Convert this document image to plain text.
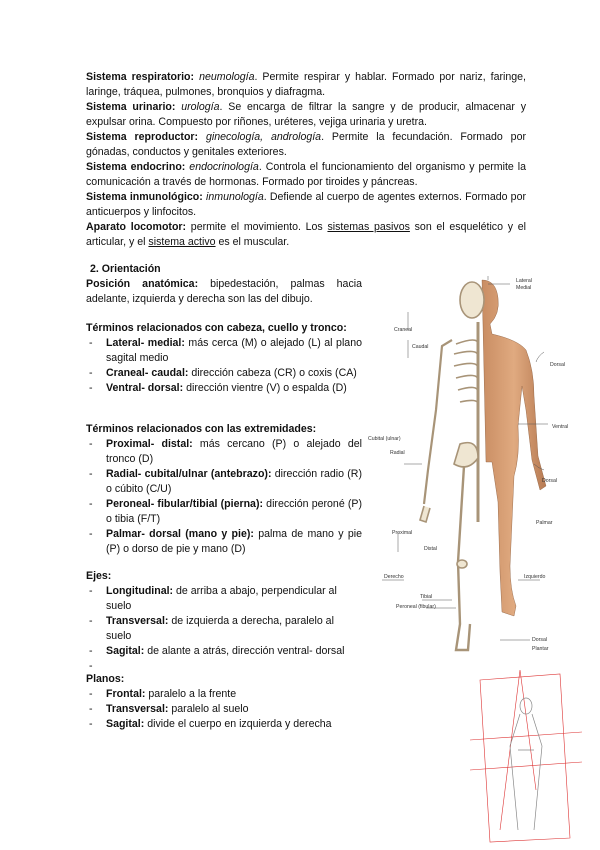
Sistema respiratorio: neumología. Permite respirar y hablar. Formado por nariz, faringe, laringe, tráquea, pulmones, bronquios y diafragma.
Sistema urinario: urología. Se encarga de filtrar la sangre y de producir, almacenar y expulsar orina. Compuesto por riñones, uréteres, vejiga urinaria y uretra.
Sistema reproductor: ginecología, andrología. Permite la fecundación. Formado por gónadas, conductos y genitales exteriores.
Sistema endocrino: endocrinología. Controla el funcionamiento del organismo y permite la comunicación a través de hormonas. Formado por tiroides y páncreas.
Sistema inmunológico: inmunología. Defiende al cuerpo de agentes externos. Formado por anticuerpos y linfocitos.
Aparato locomotor: permite el movimiento. Los sistemas pasivos son el esquelético y el articular, y el sistema activo es el muscular.
2. Orientación
Posición anatómica: bipedestación, palmas hacia adelante, izquierda y derecha son las del dibujo.
Términos relacionados con cabeza, cuello y tronco:
- Lateral- medial: más cerca (M) o alejado (L) al plano sagital medio
- Craneal- caudal: dirección cabeza (CR) o coxis (CA)
- Ventral- dorsal: dirección vientre (V) o espalda (D)
Términos relacionados con las extremidades:
- Proximal- distal: más cercano (P) o alejado del tronco (D)
- Radial- cubital/ulnar (antebrazo): dirección radio (R) o cúbito (C/U)
- Peroneal- fibular/tibial (pierna): dirección peroné (P) o tibia (F/T)
- Palmar- dorsal (mano y pie): palma de mano y pie (P) o dorso de pie y mano (D)
Ejes:
- Longitudinal: de arriba a abajo, perpendicular al suelo
- Transversal: de izquierda a derecha, paralelo al suelo
- Sagital: de alante a atrás, dirección ventral- dorsal
-
Planos:
- Frontal: paralelo a la frente
- Transversal: paralelo al suelo
- Sagital: divide el cuerpo en izquierda y derecha
Lateral
Medial
Craneal
Caudal
Dorsal
Ventral
Cubital (ulnar)
Radial
Dorsal
Palmar
Proximal
Distal
Derecho	Izquierdo
Tibial
Peroneal (fibular)
Dorsal
Plantar
